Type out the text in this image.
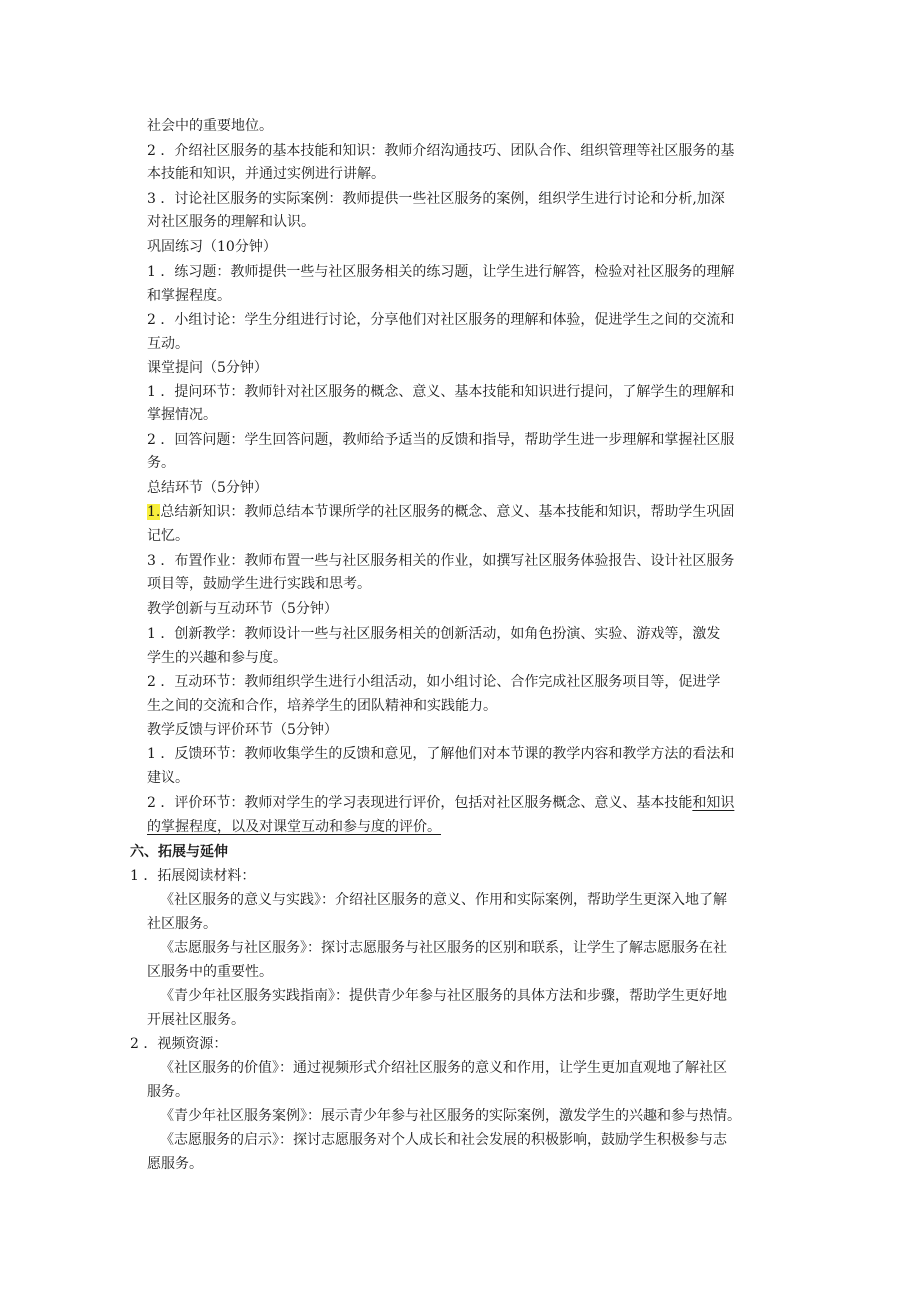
社会中的重要地位。

2 ．介绍社区服务的基本技能和知识：教师介绍沟通技巧、团队合作、组织管理等社区服务的基

本技能和知识，并通过实例进行讲解。

3 ．讨论社区服务的实际案例：教师提供一些社区服务的案例，组织学生进行讨论和分析,加深

对社区服务的理解和认识。

巩固练习（10分钟）

1 ．练习题：教师提供一些与社区服务相关的练习题，让学生进行解答，检验对社区服务的理解

和掌握程度。

2 ．小组讨论：学生分组进行讨论，分享他们对社区服务的理解和体验，促进学生之间的交流和

互动。

课堂提问（5分钟）

1 ．提问环节：教师针对社区服务的概念、意义、基本技能和知识进行提问，了解学生的理解和

掌握情况。

2 ．回答问题：学生回答问题，教师给予适当的反馈和指导，帮助学生进一步理解和掌握社区服

务。

总结环节（5分钟）

记忆。

3 ．布置作业：教师布置一些与社区服务相关的作业，如撰写社区服务体验报告、设计社区服务

项目等，鼓励学生进行实践和思考。

教学创新与互动环节（5分钟）

1 ．创新教学：教师设计一些与社区服务相关的创新活动，如角色扮演、实验、游戏等，激发

学生的兴趣和参与度。

2 ．互动环节：教师组织学生进行小组活动，如小组讨论、合作完成社区服务项目等，促进学

生之间的交流和合作，培养学生的团队精神和实践能力。

教学反馈与评价环节（5分钟）

1 ．反馈环节：教师收集学生的反馈和意见，了解他们对本节课的教学内容和教学方法的看法和

建议。

六、拓展与延伸

1 ．拓展阅读材料：

《社区服务的意义与实践》：介绍社区服务的意义、作用和实际案例，帮助学生更深入地了解

社区服务。

《志愿服务与社区服务》：探讨志愿服务与社区服务的区别和联系，让学生了解志愿服务在社

区服务中的重要性。

《青少年社区服务实践指南》：提供青少年参与社区服务的具体方法和步骤，帮助学生更好地

开展社区服务。

2 ．视频资源：

《社区服务的价值》：通过视频形式介绍社区服务的意义和作用，让学生更加直观地了解社区

服务。

《青少年社区服务案例》：展示青少年参与社区服务的实际案例，激发学生的兴趣和参与热情。

《志愿服务的启示》：探讨志愿服务对个人成长和社会发展的积极影响，鼓励学生积极参与志

愿服务。

1.总结新知识：教师总结本节课所学的社区服务的概念、意义、基本技能和知识，帮助学生巩固

2 ．评价环节：教师对学生的学习表现进行评价，包括对社区服务概念、意义、基本技能和知识

的掌握程度，以及对课堂互动和参与度的评价。
